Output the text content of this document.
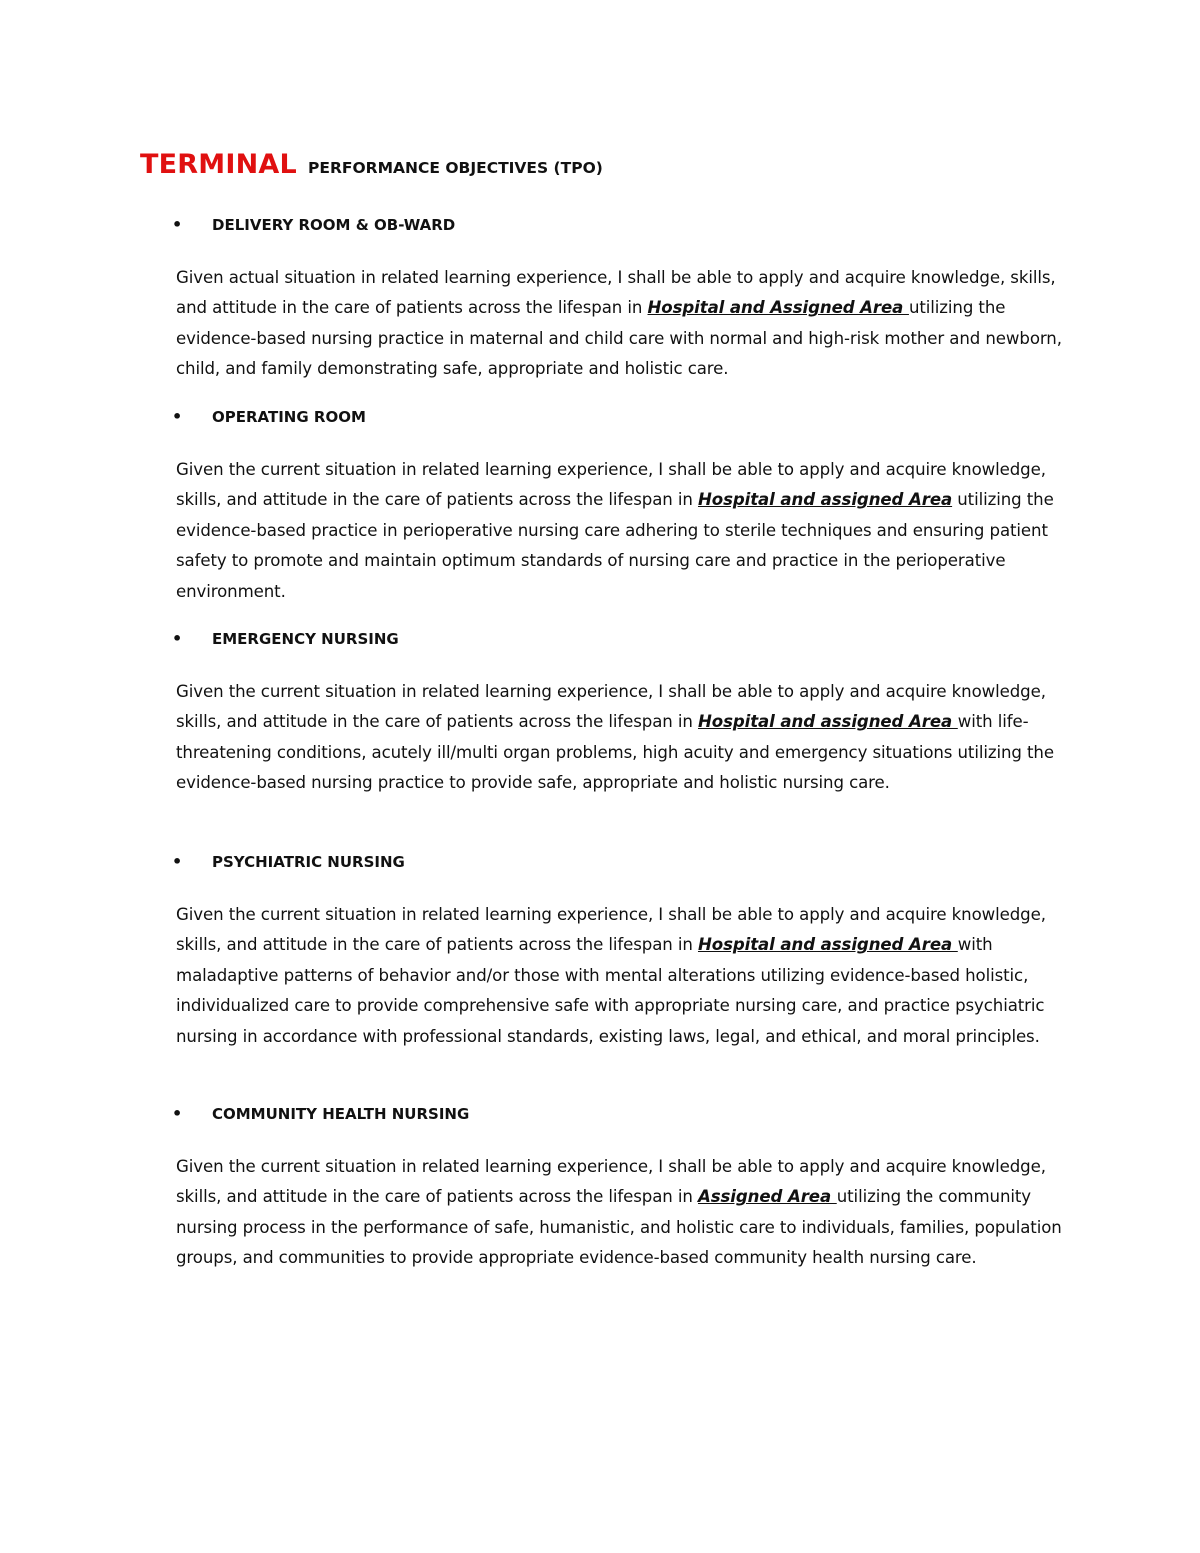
TERMINAL PERFORMANCE OBJECTIVES (TPO)
• DELIVERY ROOM & OB-WARD

Given actual situation in related learning experience, I shall be able to apply and acquire knowledge, skills, and attitude in the care of patients across the lifespan in Hospital and Assigned Area utilizing the evidence-based nursing practice in maternal and child care with normal and high-risk mother and newborn, child, and family demonstrating safe, appropriate and holistic care.

• OPERATING ROOM

Given the current situation in related learning experience, I shall be able to apply and acquire knowledge, skills, and attitude in the care of patients across the lifespan in Hospital and assigned Area utilizing the evidence-based practice in perioperative nursing care adhering to sterile techniques and ensuring patient safety to promote and maintain optimum standards of nursing care and practice in the perioperative environment.

• EMERGENCY NURSING

Given the current situation in related learning experience, I shall be able to apply and acquire knowledge, skills, and attitude in the care of patients across the lifespan in Hospital and assigned Area with life-threatening conditions, acutely ill/multi organ problems, high acuity and emergency situations utilizing the evidence-based nursing practice to provide safe, appropriate and holistic nursing care.

• PSYCHIATRIC NURSING

Given the current situation in related learning experience, I shall be able to apply and acquire knowledge, skills, and attitude in the care of patients across the lifespan in Hospital and assigned Area with maladaptive patterns of behavior and/or those with mental alterations utilizing evidence-based holistic, individualized care to provide comprehensive safe with appropriate nursing care, and practice psychiatric nursing in accordance with professional standards, existing laws, legal, and ethical, and moral principles.

• COMMUNITY HEALTH NURSING

Given the current situation in related learning experience, I shall be able to apply and acquire knowledge, skills, and attitude in the care of patients across the lifespan in Assigned Area utilizing the community nursing process in the performance of safe, humanistic, and holistic care to individuals, families, population groups, and communities to provide appropriate evidence-based community health nursing care.
